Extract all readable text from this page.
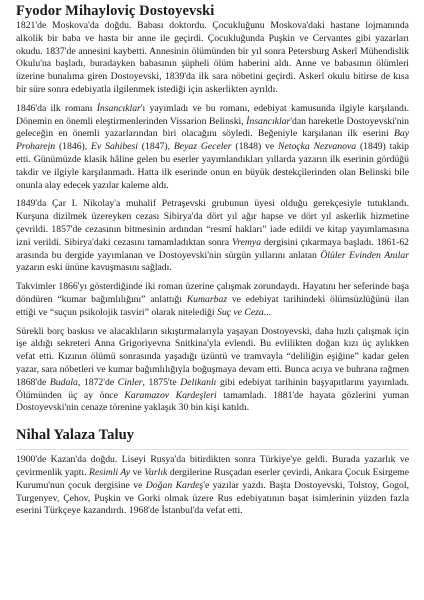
Fyodor Mihayloviç Dostoyevski

1821'de Moskova'da doğdu. Babası doktordu. Çocukluğunu Moskova'daki hastane lojmanında alkolik bir baba ve hasta bir anne ile geçirdi. Çocukluğunda Puşkin ve Cervantes gibi yazarları okudu. 1837'de annesini kaybetti. Annesinin ölümünden bir yıl sonra Petersburg Askerî Mühendislik Okulu'na başladı, buradayken babasının şüpheli ölüm haberini aldı. Anne ve babasının ölümleri üzerine bunalıma giren Dostoyevski, 1839'da ilk sara nöbetini geçirdi. Askerî okulu bitirse de kısa bir süre sonra edebiyatla ilgilenmek istediği için askerlikten ayrıldı.

1846'da ilk romanı İnsancıklar'ı yayımladı ve bu romanı, edebiyat kamusunda ilgiyle karşılandı. Dönemin en önemli eleştirmenlerinden Vissarion Belinski, İnsancıklar'dan hareketle Dostoyevski'nin geleceğin en önemli yazarlarından biri olacağını söyledi. Beğeniyle karşılanan ilk eserini Bay Prohare̦in (1846), Ev Sahibesi (1847), Beyaz Geceler (1848) ve Netoçka Nezvanova (1849) takip etti. Günümüzde klasik hâline gelen bu eserler yayımlandıkları yıllarda yazarın ilk eserinin gördüğü takdir ve ilgiyle karşılanmadı. Hatta ilk eserinde onun en büyük destekçilerinden olan Belinski bile onunla alay edecek yazılar kaleme aldı.

1849'da Çar I. Nikolay'a muhalif Petraşevski grubunun üyesi olduğu gerekçesiyle tutuklandı. Kurşuna dizilmek üzereyken cezası Sibirya'da dört yıl ağır hapse ve dört yıl askerlik hizmetine çevrildi. 1857'de cezasının bitmesinin ardından “resmî hakları” iade edildi ve kitap yayımlamasına izni verildi. Sibirya'daki cezasını tamamladıktan sonra Vremya dergisini çıkarmaya başladı. 1861-62 arasında bu dergide yayımlanan ve Dostoyevski'nin sürgün yıllarını anlatan Ölüler Evinden Anılar yazarın eski ününe kavuşmasını sağladı.

Takvimler 1866'yı gösterdiğinde iki roman üzerine çalışmak zorundaydı. Hayatını her seferinde başa döndüren “kumar bağımlılığını” anlattığı Kumarbaz ve edebiyat tarihindeki ölümsüzlüğünü ilan ettiği ve “suçun psikolojik tasviri” olarak nitelediği Suç ve Ceza...

Sürekli borç baskısı ve alacaklıların sıkıştırmalarıyla yaşayan Dostoyevski, daha hızlı çalışmak için işe aldığı sekreteri Anna Grigoriyevna Snitkina'yla evlendi. Bu evlilikten doğan kızı üç aylıkken vefat etti. Kızının ölümü sonrasında yaşadığı üzüntü ve tramvayla “deliliğin eşiğine” kadar gelen yazar, sara nöbetleri ve kumar bağımlılığıyla boğuşmaya devam etti. Bunca acıya ve buhrana rağmen 1868'de Budala, 1872'de Cinler, 1875'te Delikanlı gibi edebiyat tarihinin başyapıtlarını yayımladı. Ölümünden üç ay önce Karamazov Kardeşleri tamamladı. 1881'de hayata gözlerini yuman Dostoyevski'nin cenaze törenine yaklaşık 30 bin kişi katıldı.

Nihal Yalaza Taluy

1900'de Kazan'da doğdu. Liseyi Rusya'da bitirdikten sonra Türkiye'ye geldi. Burada yazarlık ve çevirmenlik yaptı. Resimli Ay ve Varlık dergilerine Rusçadan eserler çevirdi, Ankara Çocuk Esirgeme Kurumu'nun çocuk dergisine ve Doğan Kardeş'e yazılar yazdı. Başta Dostoyevski, Tolstoy, Gogol, Turgenyev, Çehov, Puşkin ve Gorki olmak üzere Rus edebiyatının başat isimlerinin yüzden fazla eserini Türkçeye kazandırdı. 1968'de İstanbul'da vefat etti.
